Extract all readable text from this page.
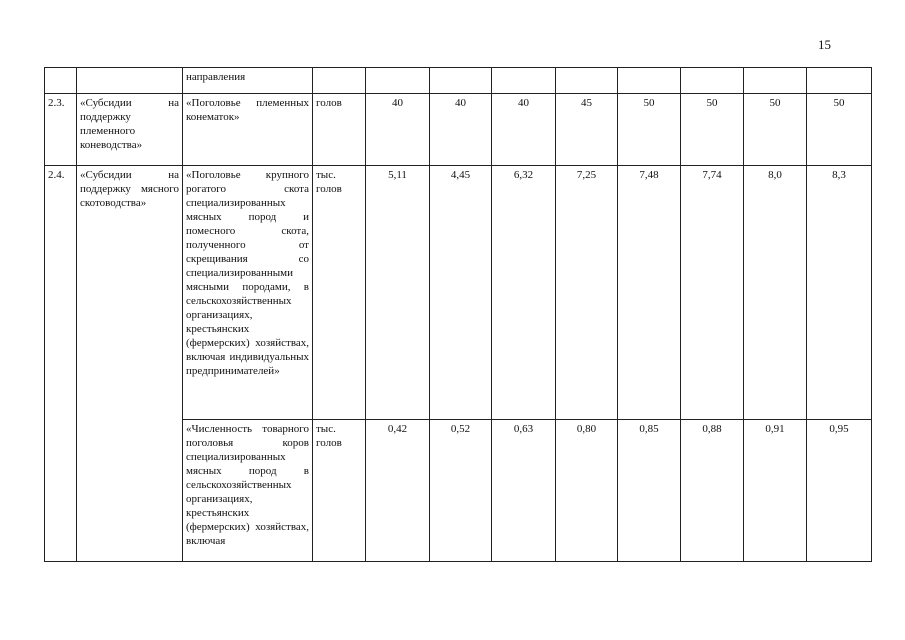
15
		направления									
2.3.	«Субсидии на поддержку племенного коневодства»	«Поголовье племенных конематок»	голов	40	40	40	45	50	50	50	50
2.4.	«Субсидии на поддержку мясного скотоводства»	«Поголовье крупного рогатого скота специализированных мясных пород и помесного скота, полученного от скрещивания со специализированными мясными породами, в сельскохозяйственных организациях, крестьянских (фермерских) хозяйствах, включая индивидуальных предпринимателей»	тыс. голов	5,11	4,45	6,32	7,25	7,48	7,74	8,0	8,3
		«Численность товарного поголовья коров специализированных мясных пород в сельскохозяйственных организациях, крестьянских (фермерских) хозяйствах, включая	тыс. голов	0,42	0,52	0,63	0,80	0,85	0,88	0,91	0,95
